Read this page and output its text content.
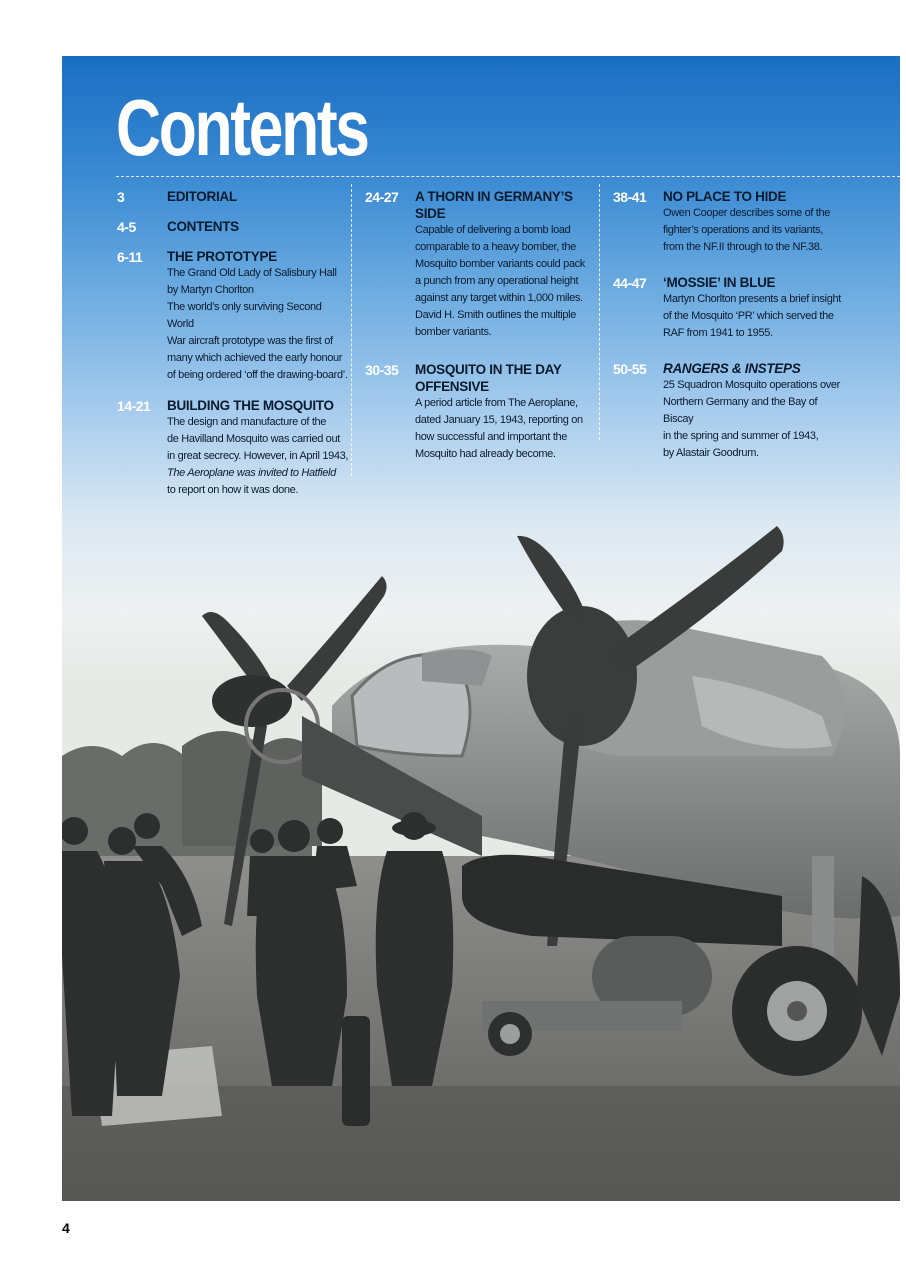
Contents
3	EDITORIAL
4-5 CONTENTS
6-11 THE PROTOTYPE
The Grand Old Lady of Salisbury Hall
by Martyn Chorlton
The world’s only surviving Second World
War aircraft prototype was the first of
many which achieved the early honour
of being ordered ‘off the drawing-board’.
14-21 BUILDING THE MOSQUITO
The design and manufacture of the
de Havilland Mosquito was carried out
in great secrecy. However, in April 1943,
The Aeroplane was invited to Hatfield
to report on how it was done.
24-27 A THORN IN GERMANY’S SIDE
Capable of delivering a bomb load
comparable to a heavy bomber, the
Mosquito bomber variants could pack
a punch from any operational height
against any target within 1,000 miles.
David H. Smith outlines the multiple
bomber variants.
30-35 MOSQUITO IN THE DAY OFFENSIVE
A period article from The Aeroplane,
dated January 15, 1943, reporting on
how successful and important the
Mosquito had already become.
38-41 NO PLACE TO HIDE
Owen Cooper describes some of the
fighter’s operations and its variants,
from the NF.II through to the NF.38.
44-47 ‘MOSSIE’ IN BLUE
Martyn Chorlton presents a brief insight
of the Mosquito ‘PR’ which served the
RAF from 1941 to 1955.
50-55 RANGERS & INSTEPS
25 Squadron Mosquito operations over
Northern Germany and the Bay of Biscay
in the spring and summer of 1943,
by Alastair Goodrum.
4
